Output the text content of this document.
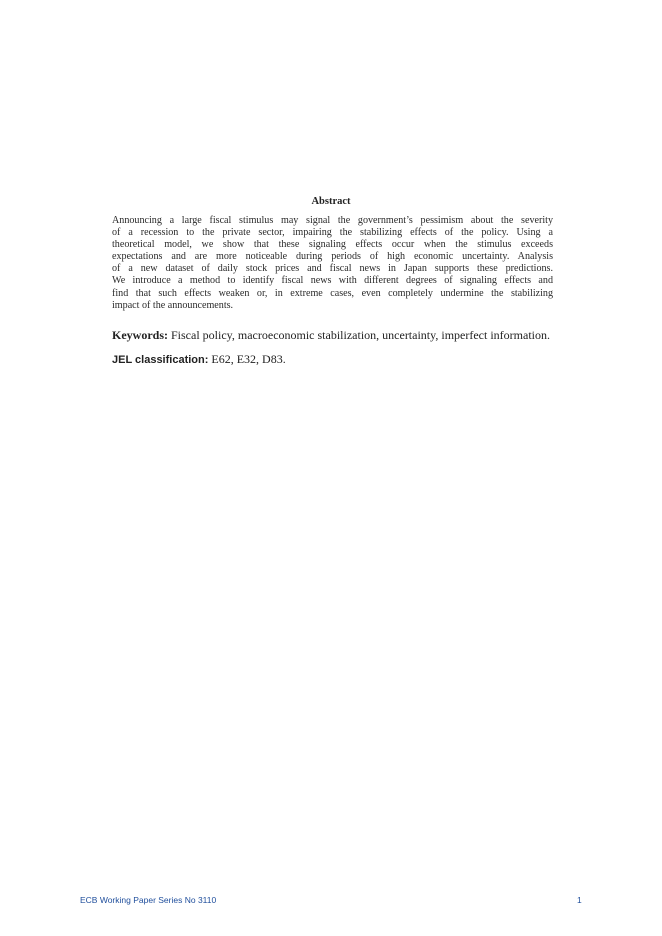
Abstract
Announcing a large fiscal stimulus may signal the government’s pessimism about the severity
of a recession to the private sector, impairing the stabilizing effects of the policy. Using a
theoretical model, we show that these signaling effects occur when the stimulus exceeds
expectations and are more noticeable during periods of high economic uncertainty. Analysis
of a new dataset of daily stock prices and fiscal news in Japan supports these predictions.
We introduce a method to identify fiscal news with different degrees of signaling effects and
find that such effects weaken or, in extreme cases, even completely undermine the stabilizing
impact of the announcements.
Keywords: Fiscal policy, macroeconomic stabilization, uncertainty, imperfect information.
JEL classification: E62, E32, D83.
ECB Working Paper Series No 3110	1
